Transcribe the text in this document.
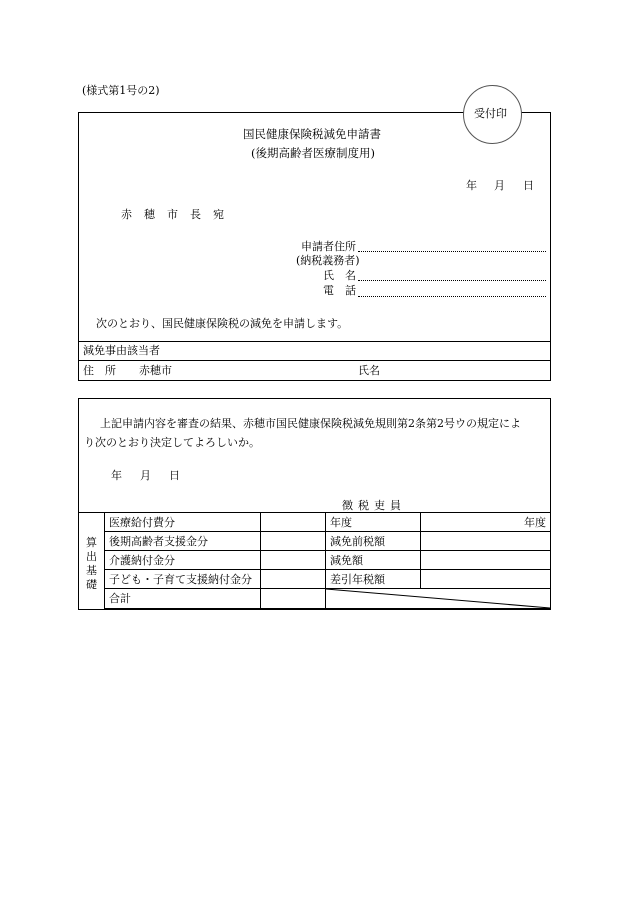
(様式第1号の2)
受付印
国民健康保険税減免申請書
(後期高齢者医療制度用)
年 月 日
赤穂市長宛
申請者住所
(納税義務者)
氏　名
電　話
次のとおり、国民健康保険税の減免を申請します。
減免事由該当者
住　所 赤穂市	氏名
上記申請内容を審査の結果、赤穂市国民健康保険税減免規則第2条第2号ウの規定によ
り次のとおり決定してよろしいか。
年 月 日
徴税吏員
算出基礎
医療給付費分		年度	年度
後期高齢者支援金分		減免前税額	
介護納付金分		減免額	
子ども・子育て支援納付金分		差引年税額	
合計		
